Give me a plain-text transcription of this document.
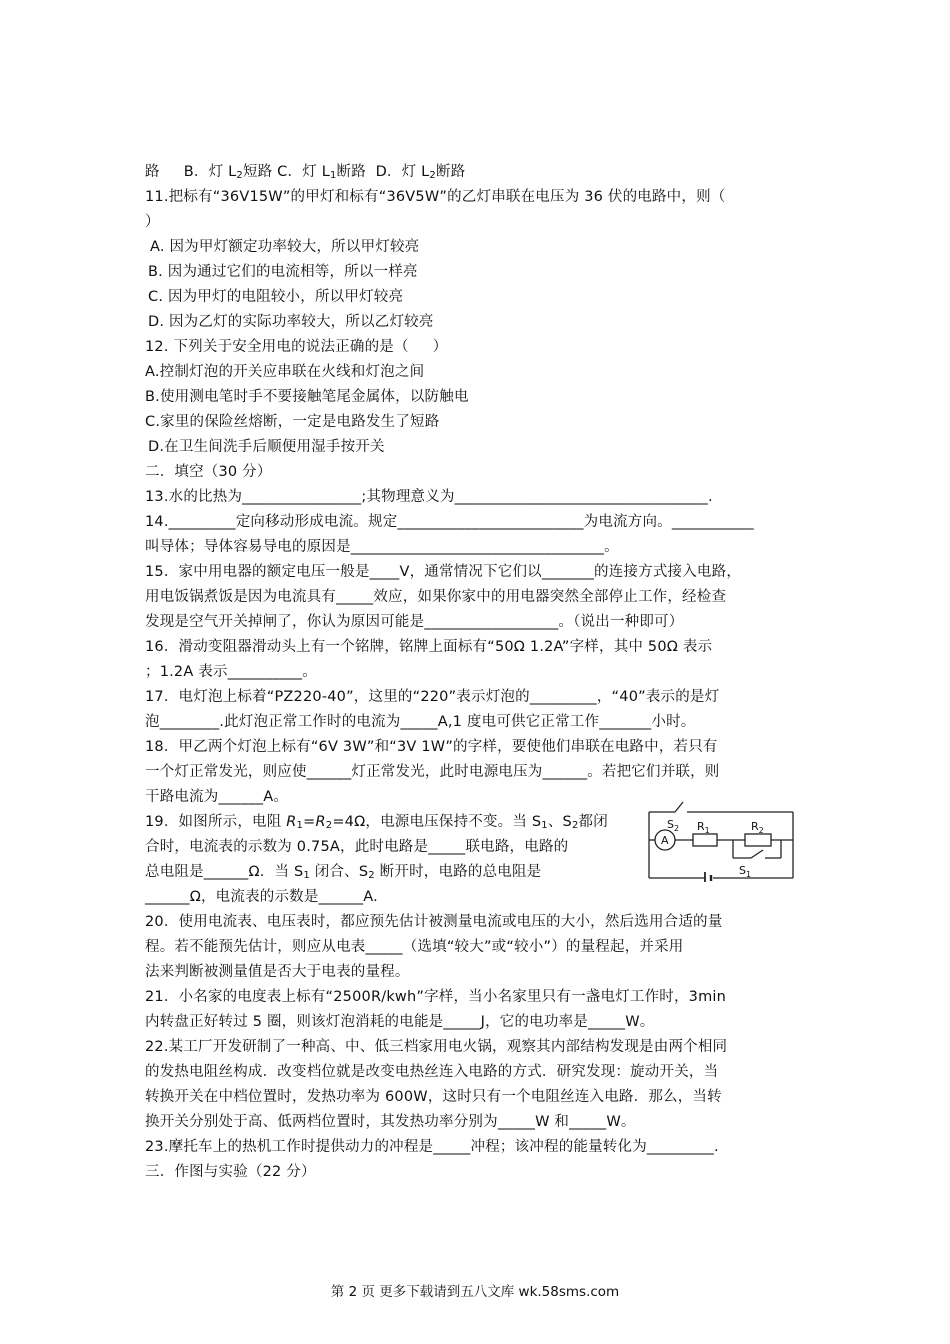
路     B．灯 $L_2$短路 C．灯 $L_1$断路  D．灯 $L_2$断路
11.把标有“36V15W”的甲灯和标有“36V5W”的乙灯串联在电压为 36 伏的电路中，则（
）
A. 因为甲灯额定功率较大，所以甲灯较亮
B. 因为通过它们的电流相等，所以一样亮
C. 因为甲灯的电阻较小，所以甲灯较亮
D. 因为乙灯的实际功率较大，所以乙灯较亮
12. 下列关于安全用电的说法正确的是（     ）
A.控制灯泡的开关应串联在火线和灯泡之间
B.使用测电笔时手不要接触笔尾金属体，以防触电
C.家里的保险丝熔断，一定是电路发生了短路
D.在卫生间洗手后顺便用湿手按开关
二．填空（30 分）
13.水的比热为________________;其物理意义为__________________________________.
14._________定向移动形成电流。规定_________________________为电流方向。___________
叫导体；导体容易导电的原因是__________________________________。
15．家中用电器的额定电压一般是____V，通常情况下它们以_______的连接方式接入电路，
用电饭锅煮饭是因为电流具有_____效应，如果你家中的用电器突然全部停止工作，经检查
发现是空气开关掉闸了，你认为原因可能是__________________。（说出一种即可）
16．滑动变阻器滑动头上有一个铭牌，铭牌上面标有“50Ω 1.2A”字样，其中 50Ω 表示
；1.2A 表示__________。
17．电灯泡上标着“PZ220-40”，这里的“220”表示灯泡的_________，“40”表示的是灯
泡________.此灯泡正常工作时的电流为_____A,1 度电可供它正常工作_______小时。
18．甲乙两个灯泡上标有“6V 3W”和“3V 1W”的字样，要使他们串联在电路中，若只有
一个灯正常发光，则应使______灯正常发光，此时电源电压为______。若把它们并联，则
干路电流为______A。
19．如图所示，电阻 $R_1=R_2=4\Omega$，电源电压保持不变。当 $S_1$、$S_2$都闭
合时，电流表的示数为 0.75A，此时电路是_____联电路，电路的
总电阻是______Ω．当 $S_1$ 闭合、$S_2$ 断开时，电路的总电阻是
______Ω，电流表的示数是______A.
A
$S_2$ $R_1$	$R_2$
$S_1$
20．使用电流表、电压表时，都应预先估计被测量电流或电压的大小，然后选用合适的量
程。若不能预先估计，则应从电表_____（选填“较大”或“较小”）的量程起，并采用
法来判断被测量值是否大于电表的量程。
21．小名家的电度表上标有“2500R/kwh”字样，当小名家里只有一盏电灯工作时，3min
内转盘正好转过 5 圈，则该灯泡消耗的电能是_____J，它的电功率是_____W。
22.某工厂开发研制了一种高、中、低三档家用电火锅，观察其内部结构发现是由两个相同
的发热电阻丝构成．改变档位就是改变电热丝连入电路的方式．研究发现：旋动开关，当
转换开关在中档位置时，发热功率为 600W，这时只有一个电阻丝连入电路．那么，当转
换开关分别处于高、低两档位置时，其发热功率分别为_____W 和_____W。
23.摩托车上的热机工作时提供动力的冲程是_____冲程；该冲程的能量转化为_________.
三．作图与实验（22 分）
第 2 页 更多下载请到五八文库 wk.58sms.com
